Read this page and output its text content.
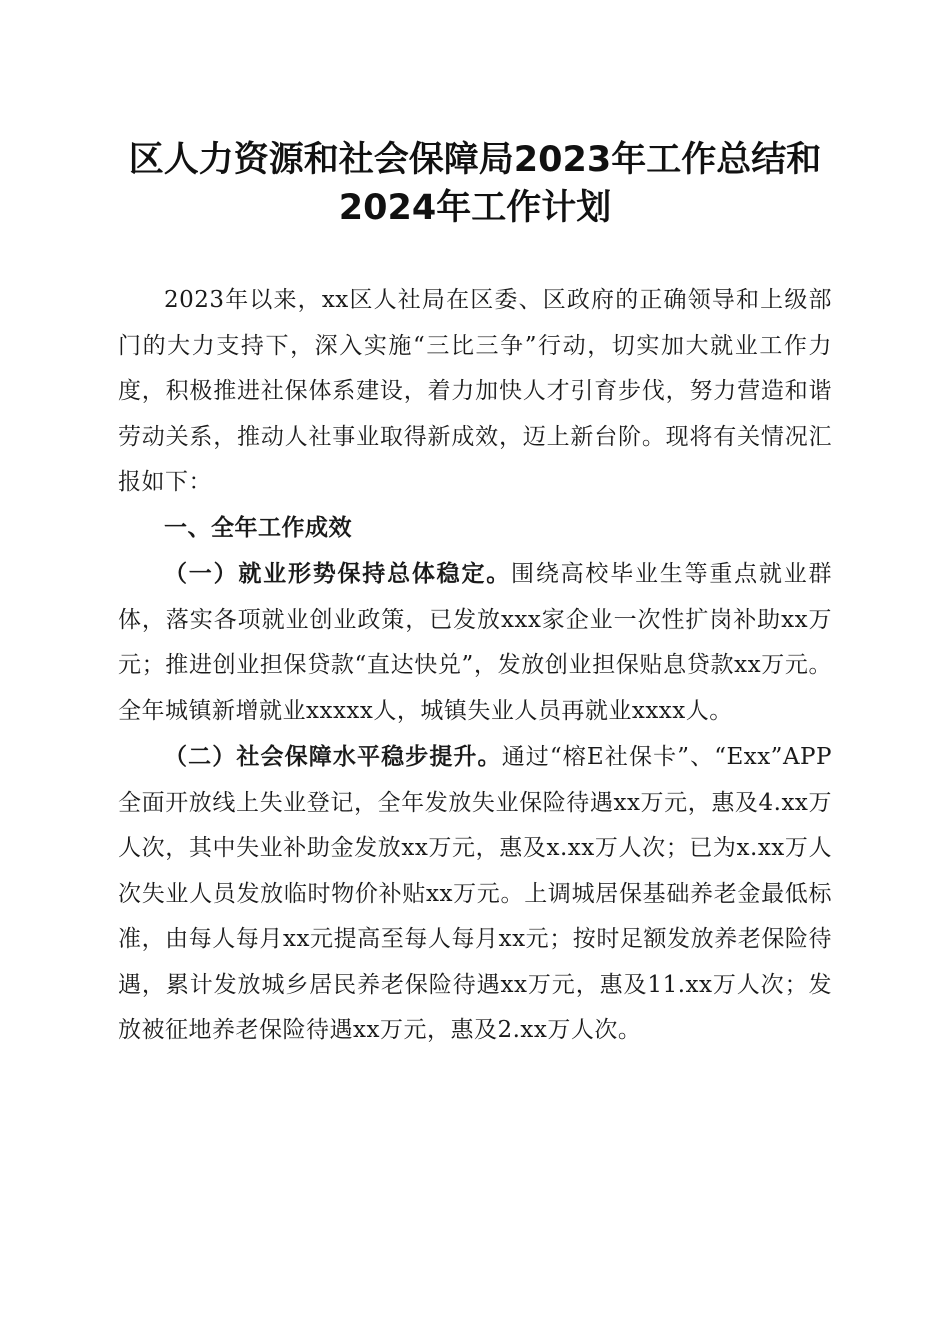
区人力资源和社会保障局2023年工作总结和
2024年工作计划

2023年以来，xx区人社局在区委、区政府的正确领导和上级部门的大力支持下，深入实施“三比三争”行动，切实加大就业工作力度，积极推进社保体系建设，着力加快人才引育步伐，努力营造和谐劳动关系，推动人社事业取得新成效，迈上新台阶。现将有关情况汇报如下：

一、全年工作成效

（一）就业形势保持总体稳定。围绕高校毕业生等重点就业群体，落实各项就业创业政策，已发放xxx家企业一次性扩岗补助xx万元；推进创业担保贷款“直达快兑”，发放创业担保贴息贷款xx万元。全年城镇新增就业xxxxx人，城镇失业人员再就业xxxx人。

（二）社会保障水平稳步提升。通过“榕E社保卡”、“Exx”APP全面开放线上失业登记，全年发放失业保险待遇xx万元，惠及4.xx万人次，其中失业补助金发放xx万元，惠及x.xx万人次；已为x.xx万人次失业人员发放临时物价补贴xx万元。上调城居保基础养老金最低标准，由每人每月xx元提高至每人每月xx元；按时足额发放养老保险待遇，累计发放城乡居民养老保险待遇xx万元，惠及11.xx万人次；发放被征地养老保险待遇xx万元，惠及2.xx万人次。
